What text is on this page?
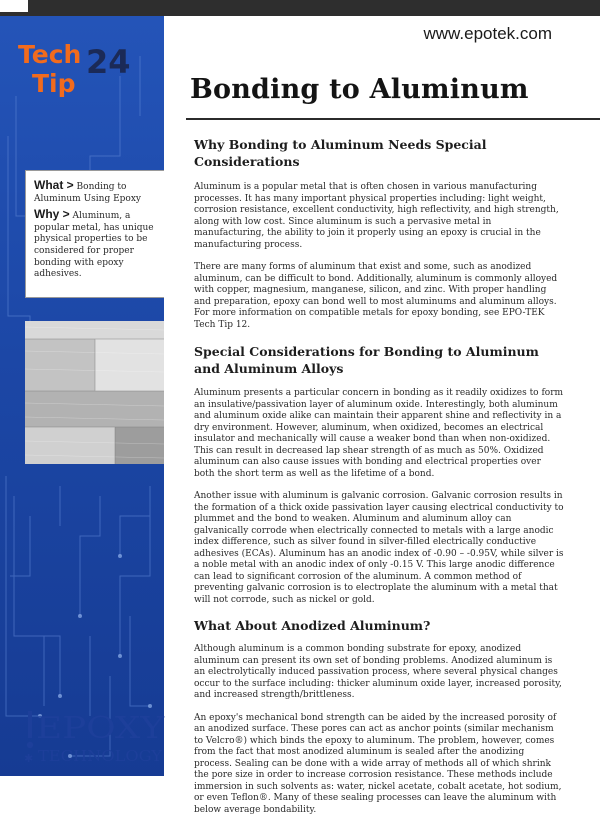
Tech
Tip
24
www.epotek.com
Bonding to Aluminum
What > Bonding to Aluminum Using Epoxy
Why > Aluminum, a popular metal, has unique physical properties to be considered for proper bonding with epoxy adhesives.
Why Bonding to Aluminum Needs Special Considerations

Aluminum is a popular metal that is often chosen in various manufacturing processes. It has many important physical properties including: light weight, corrosion resistance, excellent conductivity, high reflectivity, and high strength, along with low cost. Since aluminum is such a pervasive metal in manufacturing, the ability to join it properly using an epoxy is crucial in the manufacturing process.

There are many forms of aluminum that exist and some, such as anodized aluminum, can be difficult to bond. Additionally, aluminum is commonly alloyed with copper, magnesium, manganese, silicon, and zinc. With proper handling and preparation, epoxy can bond well to most aluminums and aluminum alloys. For more information on compatible metals for epoxy bonding, see EPO-TEK Tech Tip 12.

Special Considerations for Bonding to Aluminum and Aluminum Alloys

Aluminum presents a particular concern in bonding as it readily oxidizes to form an insulative/passivation layer of aluminum oxide. Interestingly, both aluminum and aluminum oxide alike can maintain their apparent shine and reflectivity in a dry environment. However, aluminum, when oxidized, becomes an electrical insulator and mechanically will cause a weaker bond than when non-oxidized. This can result in decreased lap shear strength of as much as 50%. Oxidized aluminum can also cause issues with bonding and electrical properties over both the short term as well as the lifetime of a bond.

Another issue with aluminum is galvanic corrosion. Galvanic corrosion results in the formation of a thick oxide passivation layer causing electrical conductivity to plummet and the bond to weaken. Aluminum and aluminum alloy can galvanically corrode when electrically connected to metals with a large anodic index difference, such as silver found in silver-filled electrically conductive adhesives (ECAs). Aluminum has an anodic index of -0.90 – -0.95V, while silver is a noble metal with an anodic index of only -0.15 V. This large anodic difference can lead to significant corrosion of the aluminum. A common method of preventing galvanic corrosion is to electroplate the aluminum with a metal that will not corrode, such as nickel or gold.

What About Anodized Aluminum?

Although aluminum is a common bonding substrate for epoxy, anodized aluminum can present its own set of bonding problems. Anodized aluminum is an electrolytically induced passivation process, where several physical changes occur to the surface including: thicker aluminum oxide layer, increased porosity, and increased strength/brittleness.

An epoxy's mechanical bond strength can be aided by the increased porosity of an anodized surface. These pores can act as anchor points (similar mechanism to Velcro®) which binds the epoxy to aluminum. The problem, however, comes from the fact that most anodized aluminum is sealed after the anodizing process. Sealing can be done with a wide array of methods all of which shrink the pore size in order to increase corrosion resistance. These methods include immersion in such solvents as: water, nickel acetate, cobalt acetate, hot sodium, or even Teflon®. Many of these sealing processes can leave the aluminum with below average bondability.

EPOXY
✱ TECHNOLOGY
